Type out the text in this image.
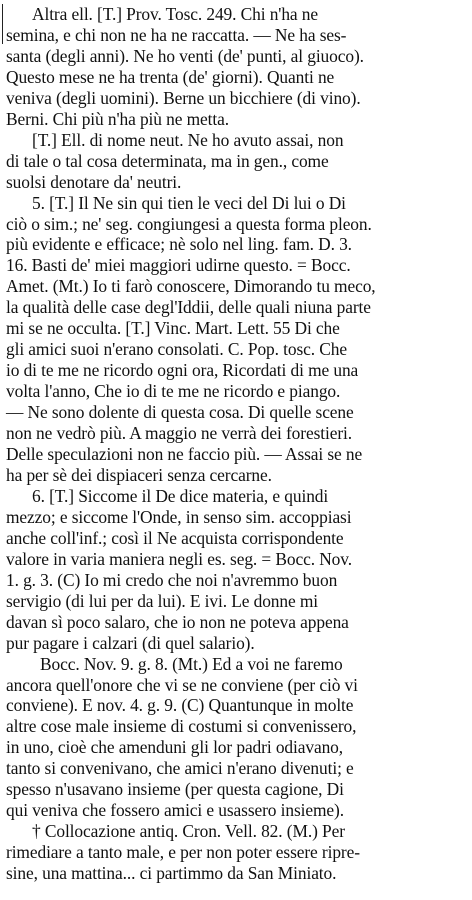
Altra ell. [T.] Prov. Tosc. 249. Chi n'ha ne
semina, e chi non ne ha ne raccatta. — Ne ha ses-
santa (degli anni). Ne ho venti (de' punti, al giuoco).
Questo mese ne ha trenta (de' giorni). Quanti ne
veniva (degli uomini). Berne un bicchiere (di vino).
Berni. Chi più n'ha più ne metta.
[T.] Ell. di nome neut. Ne ho avuto assai, non
di tale o tal cosa determinata, ma in gen., come
suolsi denotare da' neutri.
5. [T.] Il Ne sin qui tien le veci del Di lui o Di
ciò o sim.; ne' seg. congiungesi a questa forma pleon.
più evidente e efficace; nè solo nel ling. fam. D. 3.
16. Basti de' miei maggiori udirne questo. = Bocc.
Amet. (Mt.) Io ti farò conoscere, Dimorando tu meco,
la qualità delle case degl'Iddii, delle quali niuna parte
mi se ne occulta. [T.] Vinc. Mart. Lett. 55 Di che
gli amici suoi n'erano consolati. C. Pop. tosc. Che
io di te me ne ricordo ogni ora, Ricordati di me una
volta l'anno, Che io di te me ne ricordo e piango.
— Ne sono dolente di questa cosa. Di quelle scene
non ne vedrò più. A maggio ne verrà dei forestieri.
Delle speculazioni non ne faccio più. — Assai se ne
ha per sè dei dispiaceri senza cercarne.
6. [T.] Siccome il De dice materia, e quindi
mezzo; e siccome l'Onde, in senso sim. accoppiasi
anche coll'inf.; così il Ne acquista corrispondente
valore in varia maniera negli es. seg. = Bocc. Nov.
1. g. 3. (C) Io mi credo che noi n'avremmo buon
servigio (di lui per da lui). E ivi. Le donne mi
davan sì poco salaro, che io non ne poteva appena
pur pagare i calzari (di quel salario).
Bocc. Nov. 9. g. 8. (Mt.) Ed a voi ne faremo
ancora quell'onore che vi se ne conviene (per ciò vi
conviene). E nov. 4. g. 9. (C) Quantunque in molte
altre cose male insieme di costumi si convenissero,
in uno, cioè che amenduni gli lor padri odiavano,
tanto si convenivano, che amici n'erano divenuti; e
spesso n'usavano insieme (per questa cagione, Di
qui veniva che fossero amici e usassero insieme).
† Collocazione antiq. Cron. Vell. 82. (M.) Per
rimediare a tanto male, e per non poter essere ripre-
sine, una mattina... ci partimmo da San Miniato.
